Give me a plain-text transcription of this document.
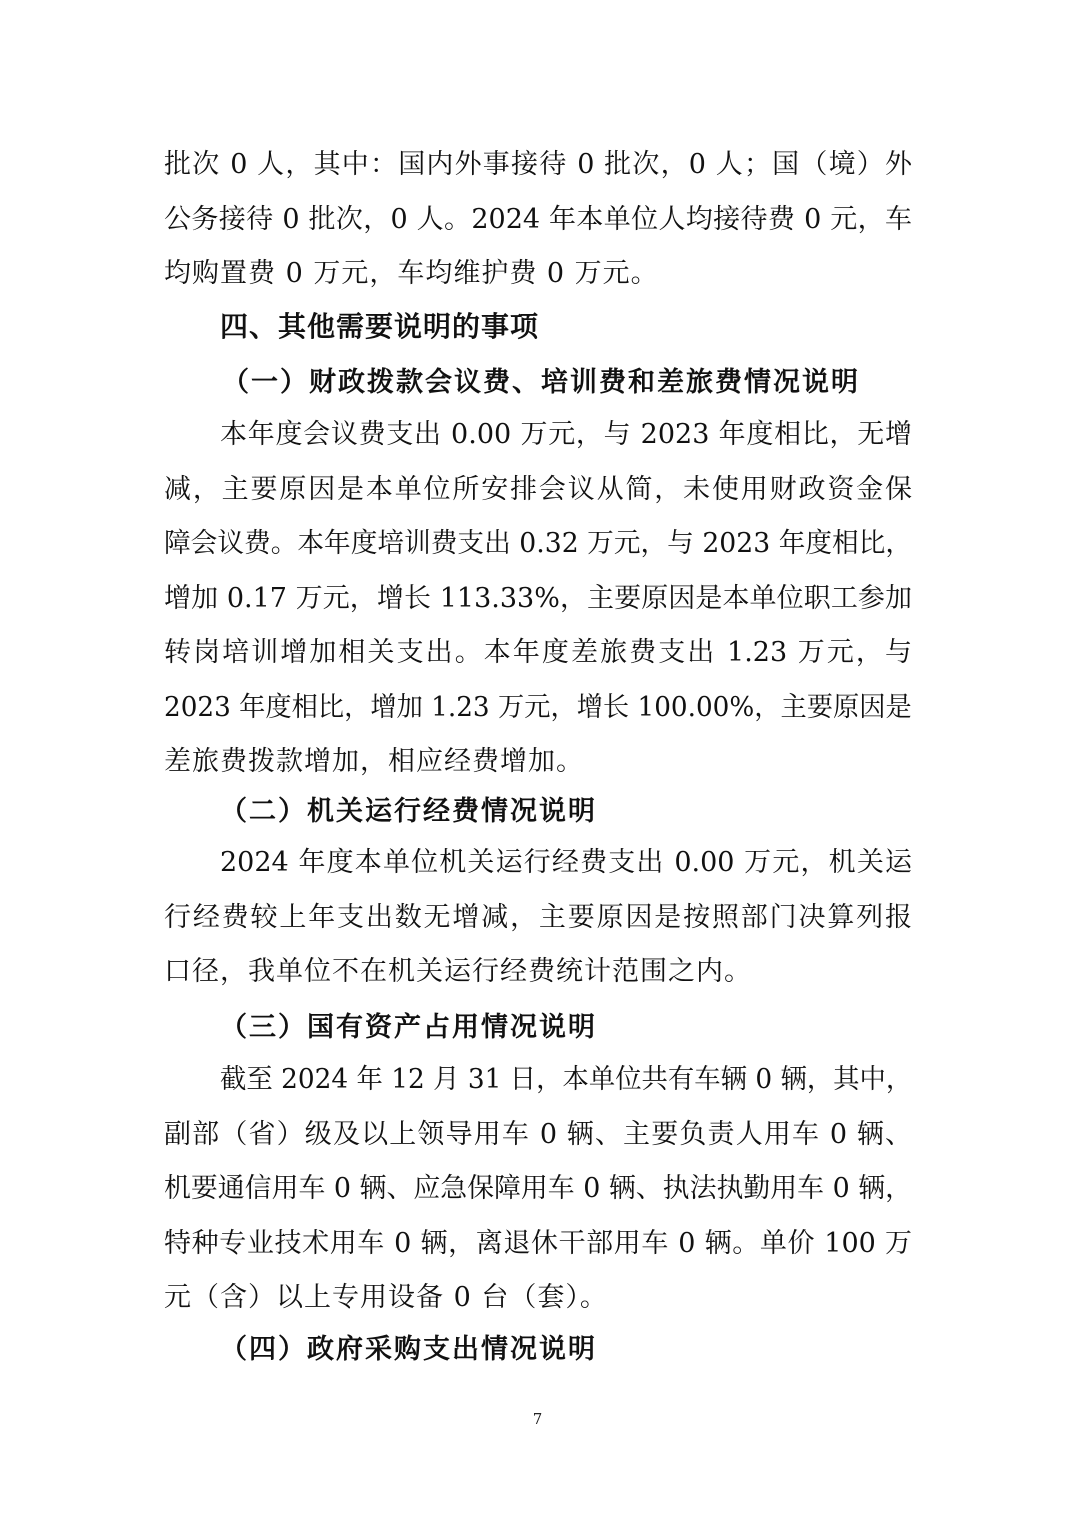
批次 0 人，其中：国内外事接待 0 批次，0 人；国（境）外
公务接待 0 批次，0 人。2024 年本单位人均接待费 0 元，车
均购置费 0 万元，车均维护费 0 万元。
四、其他需要说明的事项
（一）财政拨款会议费、培训费和差旅费情况说明
本年度会议费支出 0.00 万元，与 2023 年度相比，无增
减，主要原因是本单位所安排会议从简，未使用财政资金保
障会议费。本年度培训费支出 0.32 万元，与 2023 年度相比，
增加 0.17 万元，增长 113.33%，主要原因是本单位职工参加
转岗培训增加相关支出。本年度差旅费支出 1.23 万元，与
2023 年度相比，增加 1.23 万元，增长 100.00%，主要原因是
差旅费拨款增加，相应经费增加。
（二）机关运行经费情况说明
2024 年度本单位机关运行经费支出 0.00 万元，机关运
行经费较上年支出数无增减，主要原因是按照部门决算列报
口径，我单位不在机关运行经费统计范围之内。
（三）国有资产占用情况说明
截至 2024 年 12 月 31 日，本单位共有车辆 0 辆，其中，
副部（省）级及以上领导用车 0 辆、主要负责人用车 0 辆、
机要通信用车 0 辆、应急保障用车 0 辆、执法执勤用车 0 辆，
特种专业技术用车 0 辆，离退休干部用车 0 辆。单价 100 万
元（含）以上专用设备 0 台（套）。
（四）政府采购支出情况说明
7
